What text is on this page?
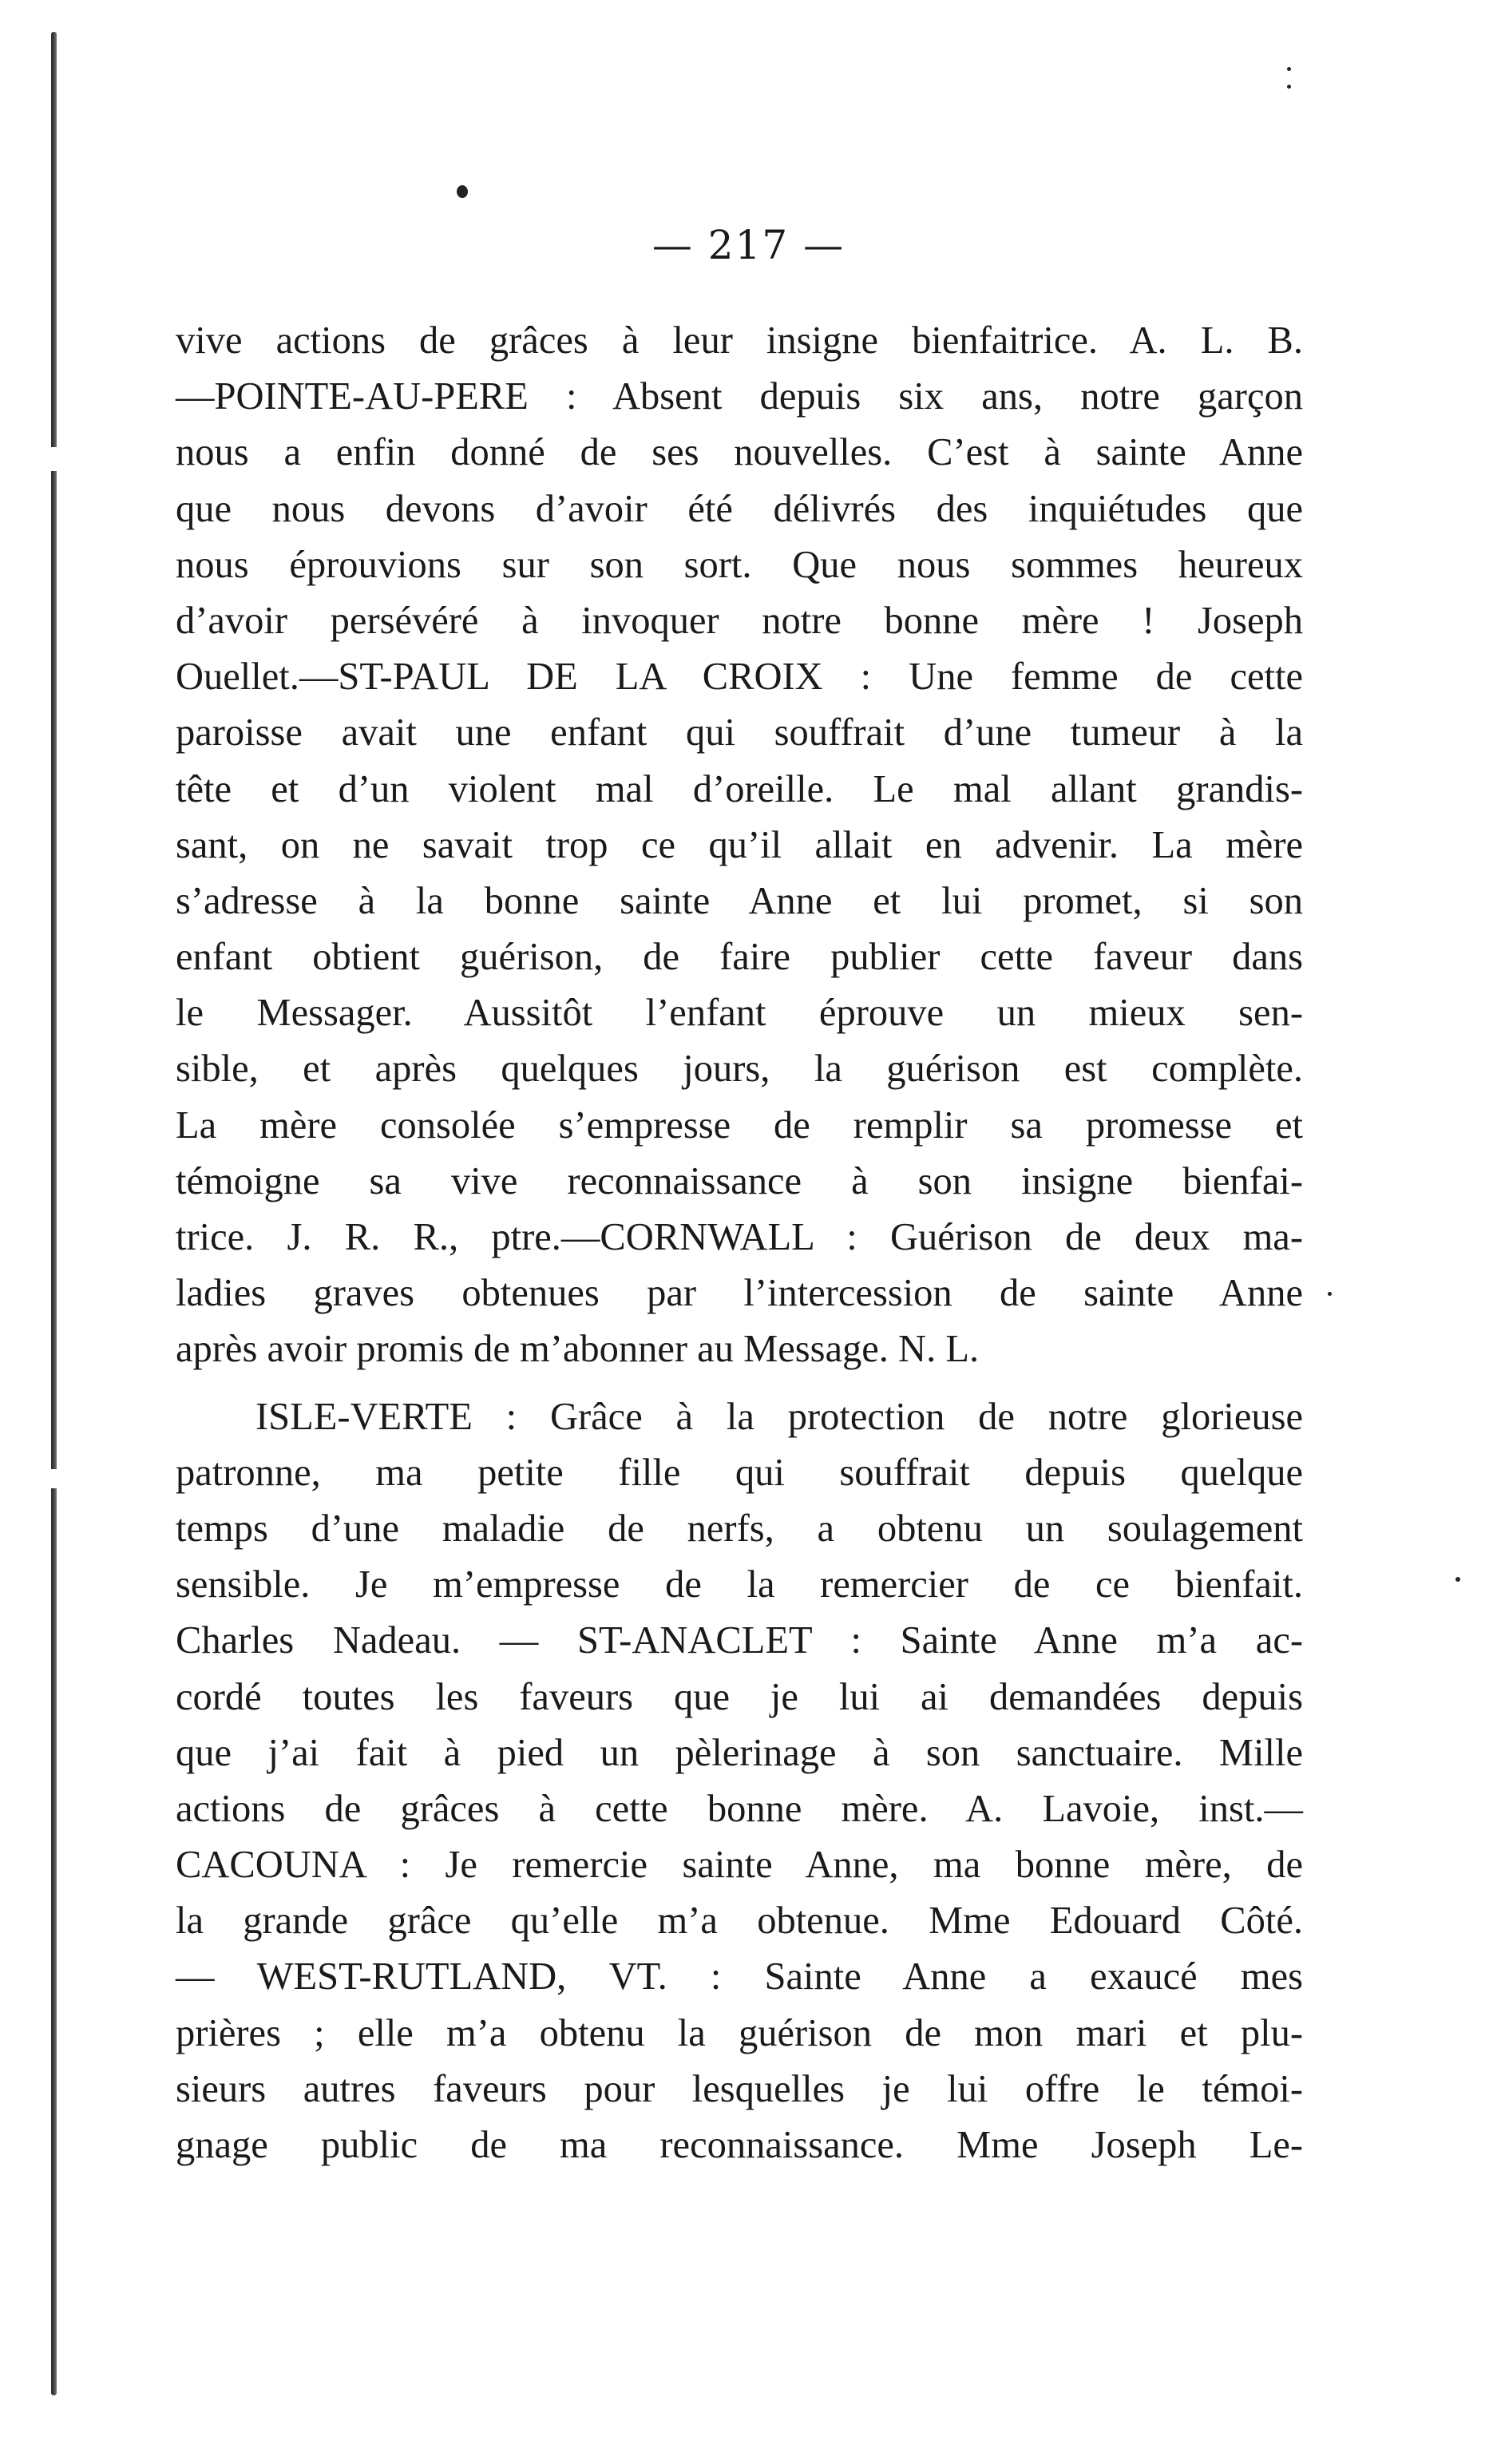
— 217 —
vive actions de grâces à leur insigne bienfaitrice. A. L. B.
—POINTE-AU-PERE : Absent depuis six ans, notre garçon
nous a enfin donné de ses nouvelles. C’est à sainte Anne
que nous devons d’avoir été délivrés des inquiétudes que
nous éprouvions sur son sort. Que nous sommes heureux
d’avoir persévéré à invoquer notre bonne mère ! Joseph
Ouellet.—ST-PAUL DE LA CROIX : Une femme de cette
paroisse avait une enfant qui souffrait d’une tumeur à la
tête et d’un violent mal d’oreille. Le mal allant grandis-
sant, on ne savait trop ce qu’il allait en advenir. La mère
s’adresse à la bonne sainte Anne et lui promet, si son
enfant obtient guérison, de faire publier cette faveur dans
le Messager. Aussitôt l’enfant éprouve un mieux sen-
sible, et après quelques jours, la guérison est complète.
La mère consolée s’empresse de remplir sa promesse et
témoigne sa vive reconnaissance à son insigne bienfai-
trice. J. R. R., ptre.—CORNWALL : Guérison de deux ma-
ladies graves obtenues par l’intercession de sainte Anne
après avoir promis de m’abonner au Message. N. L.
ISLE-VERTE : Grâce à la protection de notre glorieuse
patronne, ma petite fille qui souffrait depuis quelque
temps d’une maladie de nerfs, a obtenu un soulagement
sensible. Je m’empresse de la remercier de ce bienfait.
Charles Nadeau. — ST-ANACLET : Sainte Anne m’a ac-
cordé toutes les faveurs que je lui ai demandées depuis
que j’ai fait à pied un pèlerinage à son sanctuaire. Mille
actions de grâces à cette bonne mère. A. Lavoie, inst.—
CACOUNA : Je remercie sainte Anne, ma bonne mère, de
la grande grâce qu’elle m’a obtenue. Mme Edouard Côté.
— WEST-RUTLAND, VT. : Sainte Anne a exaucé mes
prières ; elle m’a obtenu la guérison de mon mari et plu-
sieurs autres faveurs pour lesquelles je lui offre le témoi-
gnage public de ma reconnaissance. Mme Joseph Le-
